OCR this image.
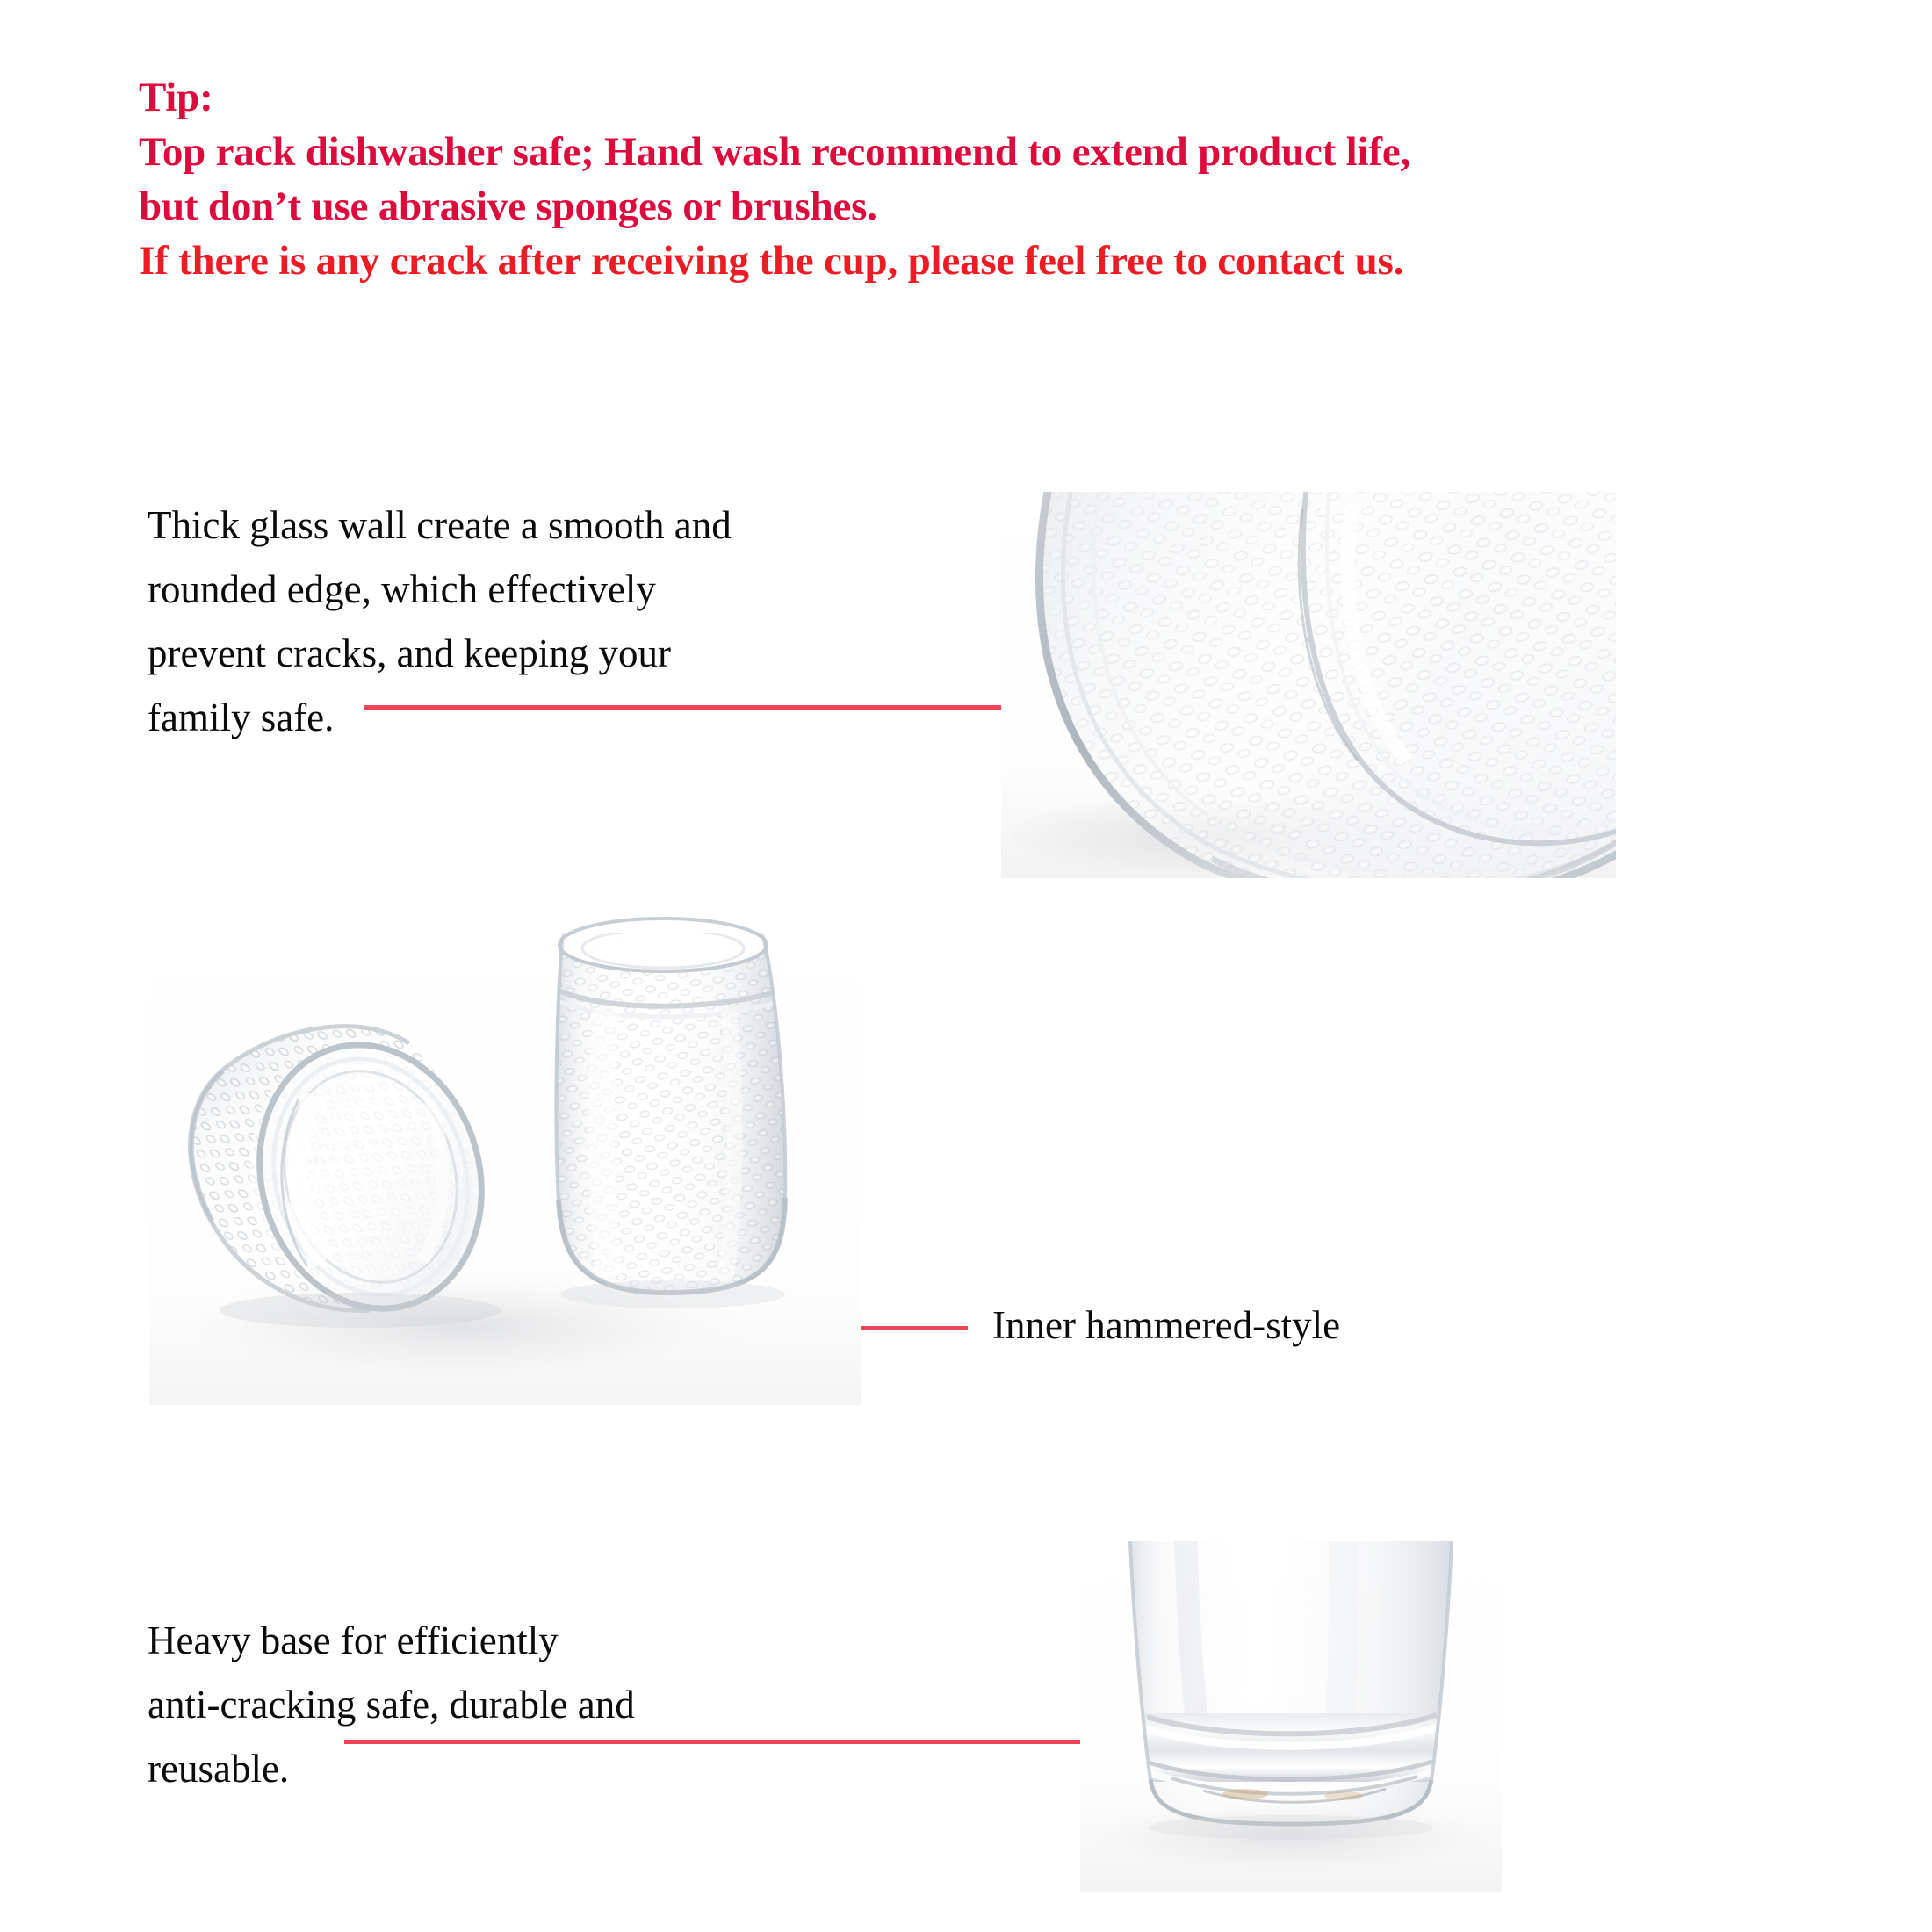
Tip:
Top rack dishwasher safe; Hand wash recommend to extend product life,
but don’t use abrasive sponges or brushes.
If there is any crack after receiving the cup, please feel free to contact us.
Thick glass wall create a smooth and
rounded edge, which effectively
prevent cracks, and keeping your
family safe.
Inner hammered-style
Heavy base for efficiently
anti-cracking safe, durable and
reusable.
